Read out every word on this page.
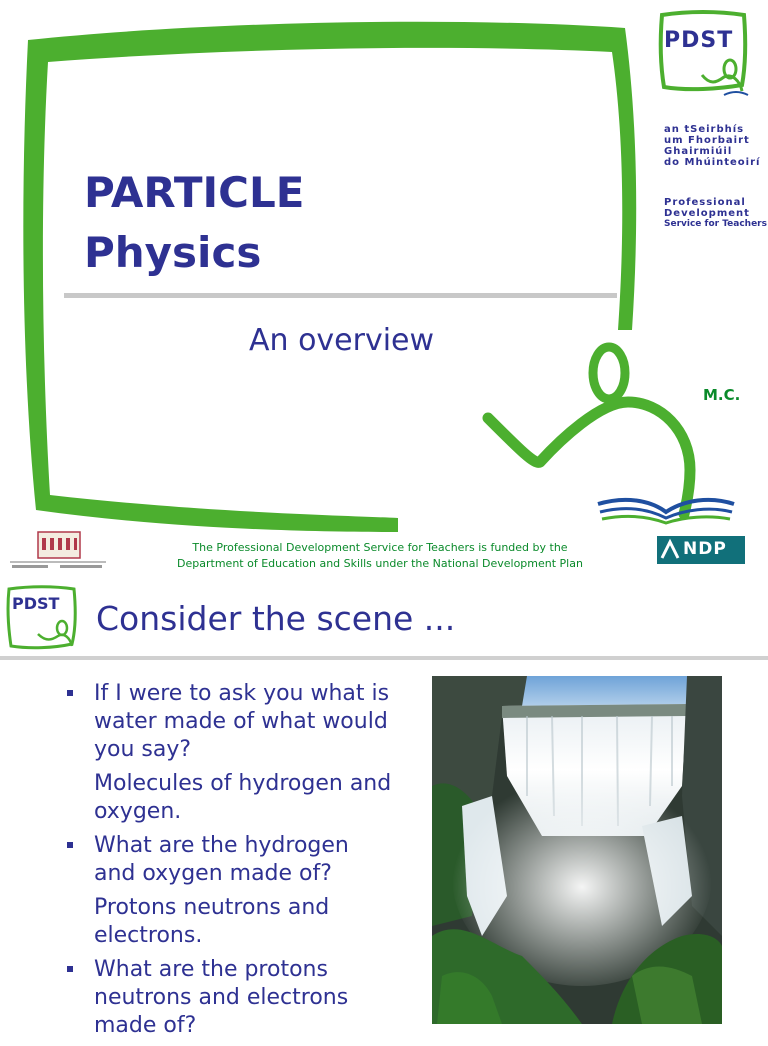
PARTICLE
Physics
An overview
M.C.
PDST
an tSeirbhís
um Fhorbairt
Ghairmiúil
do Mhúinteoirí
Professional
Development
Service for Teachers
The Professional Development Service for Teachers is funded by the
Department of Education and Skills under the National Development Plan
NDP
PDST Consider the scene ...
If I were to ask you what is water made of what would you say?
Molecules of hydrogen and oxygen.
What are the hydrogen and oxygen made of?
Protons neutrons and electrons.
What are the protons neutrons and electrons made of?
